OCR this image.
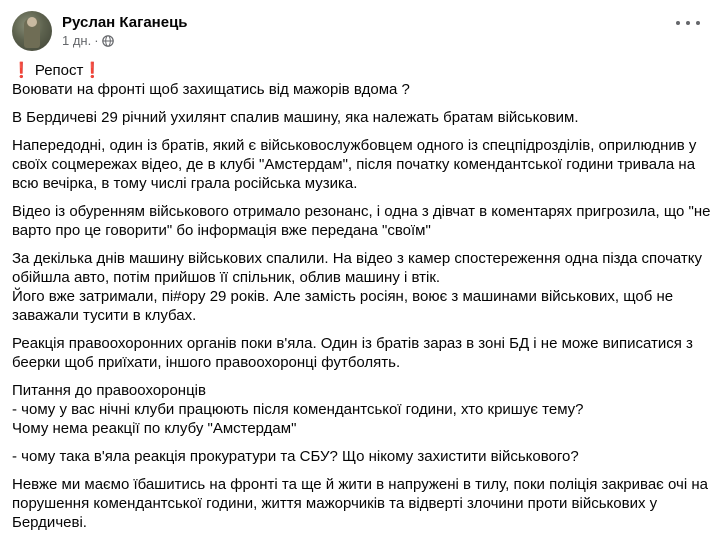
Руслан Каганець
1 дн. ·

❗ Репост❗

Воювати на фронті щоб захищатись від мажорів вдома ?

В Бердичеві 29 річний ухилянт спалив машину, яка належать братам військовим.

Напередодні, один із братів, який є військовослужбовцем одного із спецпідрозділів, оприлюднив у своїх соцмережах відео, де в клубі "Амстердам", після початку комендантської години тривала на всю вечірка, в тому числі грала російська музика.

Відео із обуренням військового отримало резонанс, і одна з дівчат в коментарях пригрозила, що "не варто про це говорити" бо інформація вже передана "своїм"

За декілька днів машину військових спалили. На відео з камер спостереження одна пізда спочатку обійшла авто, потім прийшов її спільник, облив машину і втік.

Його вже затримали, пі#ору 29 років. Але замість росіян, воює з машинами військових, щоб не заважали тусити в клубах.

Реакція правоохоронних органів поки в'яла. Один із братів зараз в зоні БД і не може виписатися з беерки щоб приїхати, іншого правоохоронці футболять.

Питання до правоохоронців

- чому у вас нічні клуби працюють після комендантської години, хто кришує тему?

Чому нема реакції по клубу "Амстердам"

- чому така в'яла реакція прокуратури та СБУ? Що нікому захистити військового?

Невже ми маємо їбашитись на фронті та ще й жити в напружені в тилу, поки поліція закриває очі на порушення комендантської години, життя мажорчиків та відверті злочини проти військових у Бердичеві.
